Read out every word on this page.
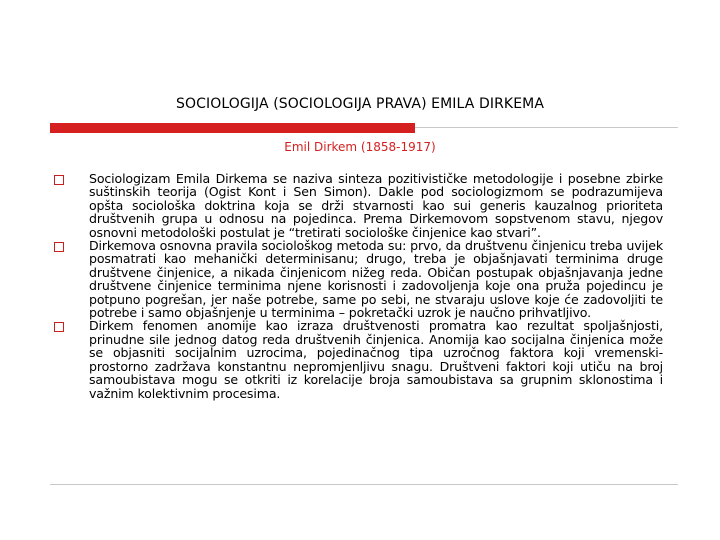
SOCIOLOGIJA (SOCIOLOGIJA PRAVA) EMILA DIRKEMA
Emil Dirkem (1858-1917)
Sociologizam Emila Dirkema se naziva sinteza pozitivističke metodologije i posebne zbirke suštinskih teorija (Ogist Kont i Sen Simon). Dakle pod sociologizmom se podrazumijeva opšta sociološka doktrina koja se drži stvarnosti kao sui generis kauzalnog prioriteta društvenih grupa u odnosu na pojedinca. Prema Dirkemovom sopstvenom stavu, njegov osnovni metodološki postulat je “tretirati sociološke činjenice kao stvari”.
Dirkemova osnovna pravila sociološkog metoda su: prvo, da društvenu činjenicu treba uvijek posmatrati kao mehanički determinisanu; drugo, treba je objašnjavati terminima druge društvene činjenice, a nikada činjenicom nižeg reda. Običan postupak objašnjavanja jedne društvene činjenice terminima njene korisnosti i zadovoljenja koje ona pruža pojedincu je potpuno pogrešan, jer naše potrebe, same po sebi, ne stvaraju uslove koje će zadovoljiti te potrebe i samo objašnjenje u terminima – pokretački uzrok je naučno prihvatljivo.
Dirkem fenomen anomije kao izraza društvenosti promatra kao rezultat spoljašnjosti, prinudne sile jednog datog reda društvenih činjenica. Anomija kao socijalna činjenica može se objasniti socijalnim uzrocima, pojedinačnog tipa uzročnog faktora koji vremenski-prostorno zadržava konstantnu nepromjenljivu snagu. Društveni faktori koji utiču na broj samoubistava mogu se otkriti iz korelacije broja samoubistava sa grupnim sklonostima i važnim kolektivnim procesima.
